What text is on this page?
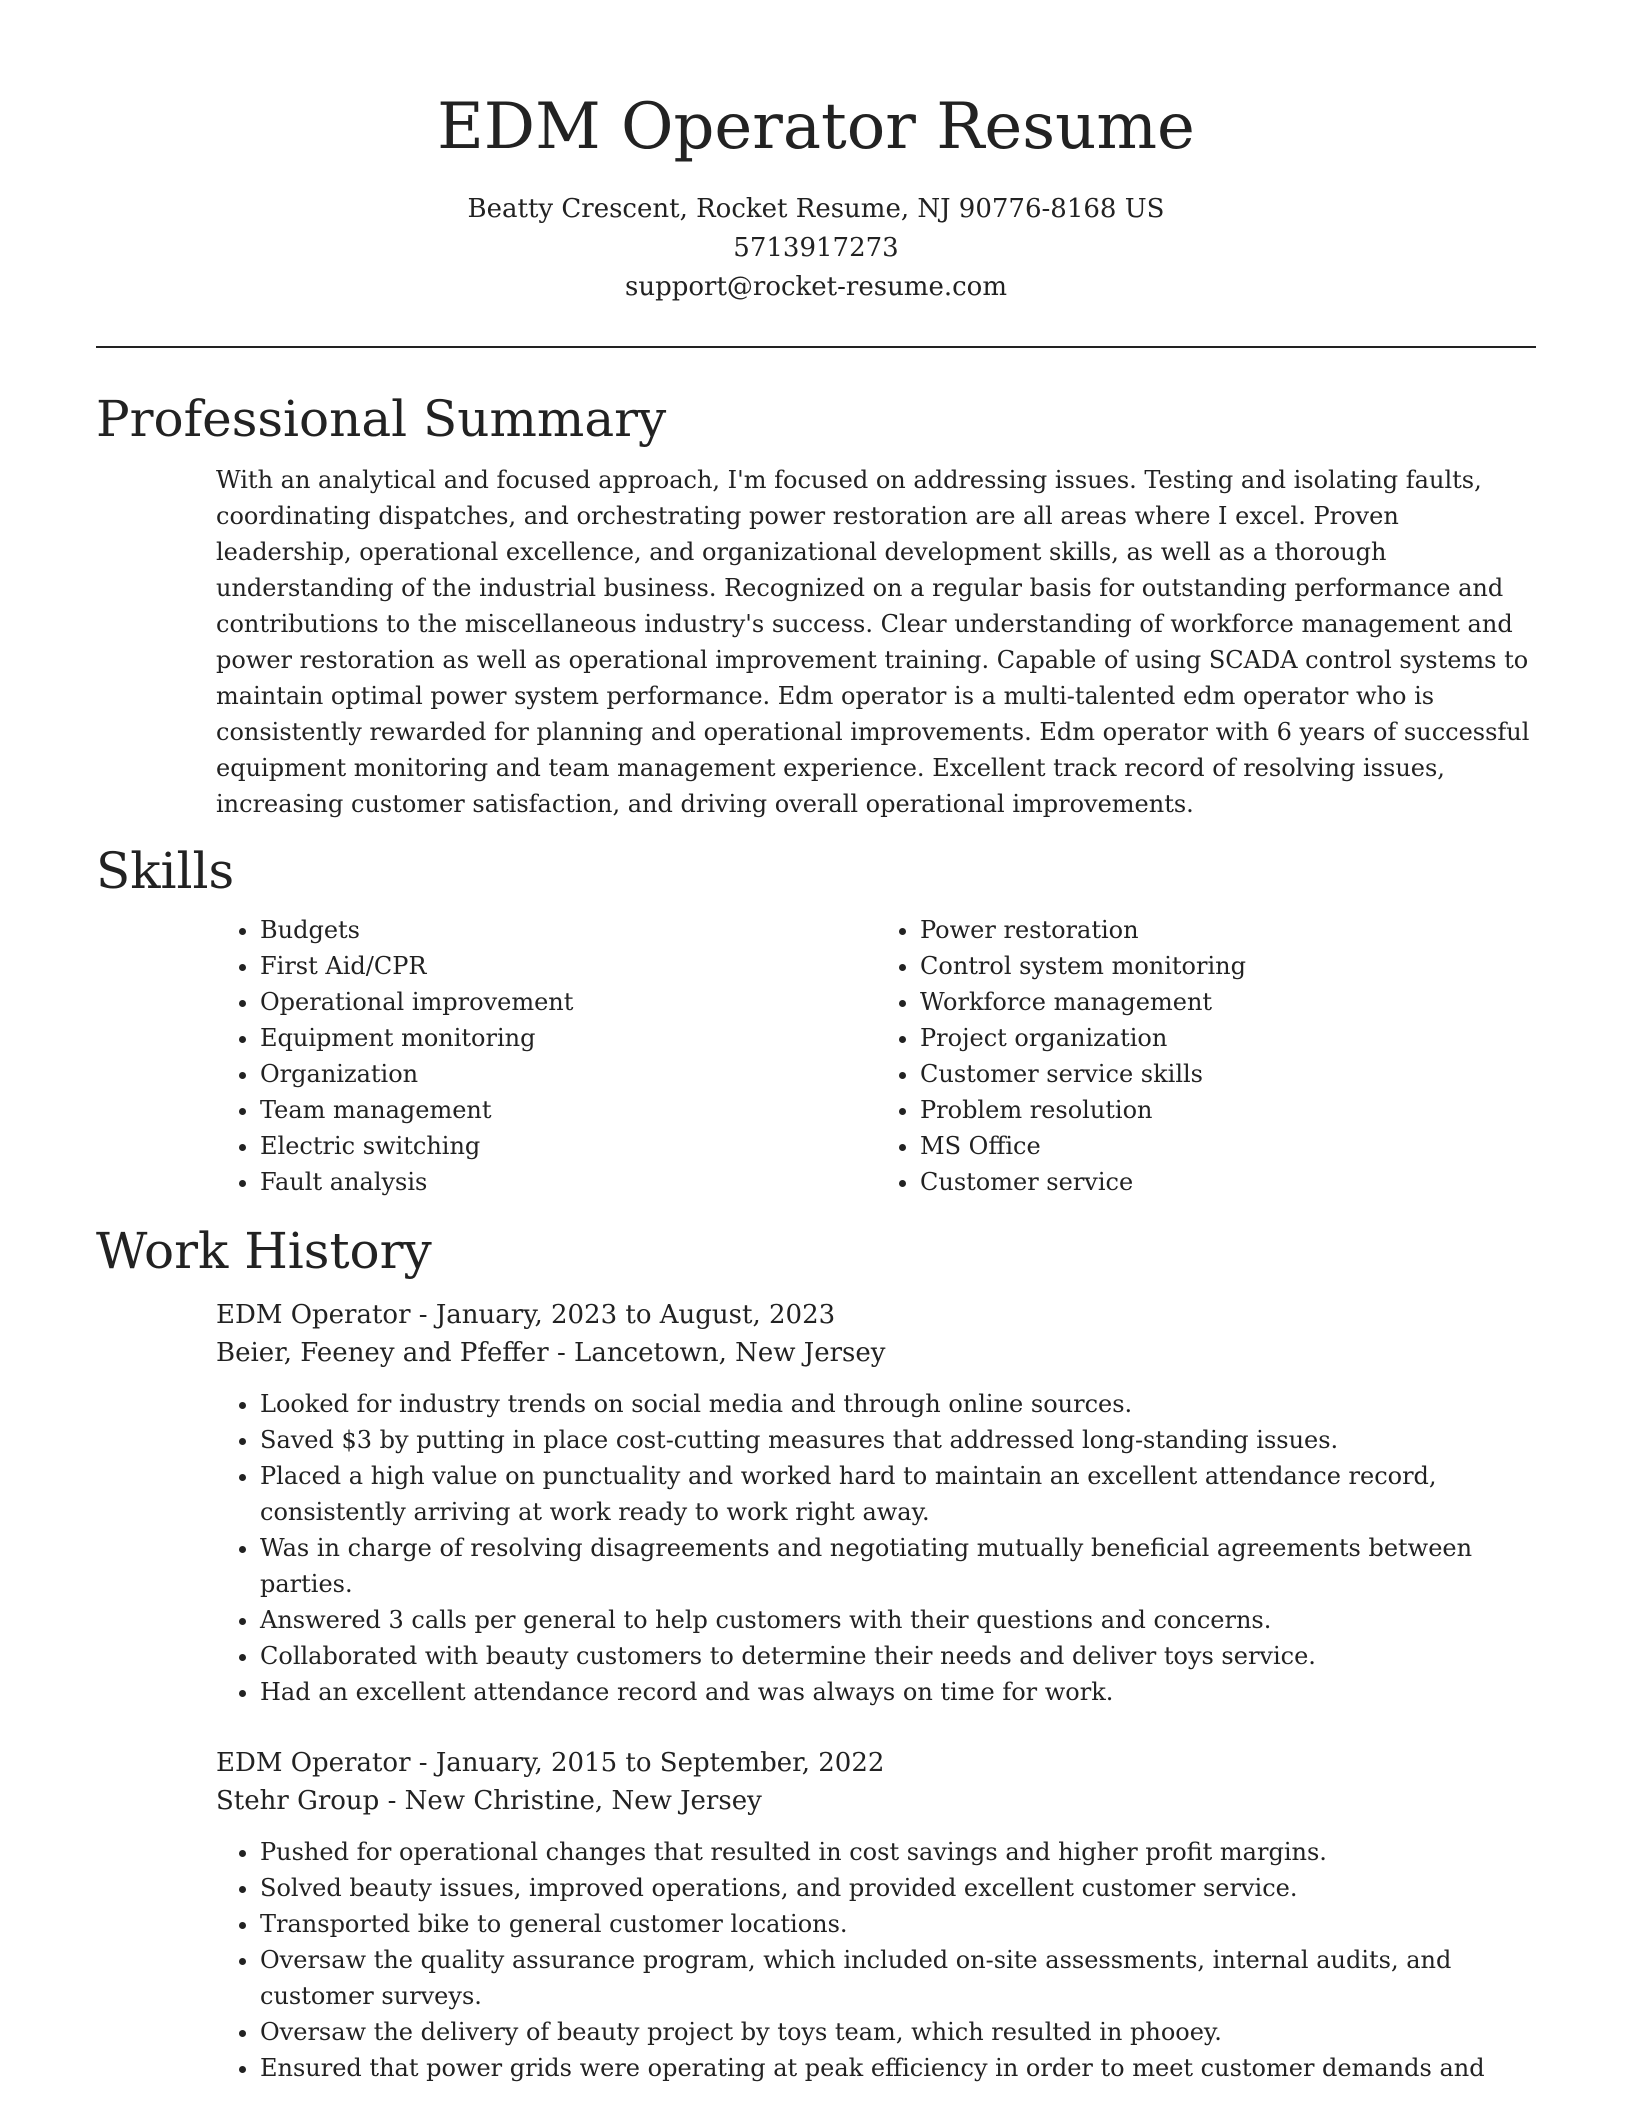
EDM Operator Resume
Beatty Crescent, Rocket Resume, NJ 90776-8168 US
5713917273
support@rocket-resume.com
Professional Summary

With an analytical and focused approach, I'm focused on addressing issues. Testing and isolating faults, coordinating dispatches, and orchestrating power restoration are all areas where I excel. Proven leadership, operational excellence, and organizational development skills, as well as a thorough understanding of the industrial business. Recognized on a regular basis for outstanding performance and contributions to the miscellaneous industry's success. Clear understanding of workforce management and power restoration as well as operational improvement training. Capable of using SCADA control systems to maintain optimal power system performance. Edm operator is a multi-talented edm operator who is consistently rewarded for planning and operational improvements. Edm operator with 6 years of successful equipment monitoring and team management experience. Excellent track record of resolving issues, increasing customer satisfaction, and driving overall operational improvements.

Skills
• Budgets
• First Aid/CPR
• Operational improvement
• Equipment monitoring
• Organization
• Team management
• Electric switching
• Fault analysis
• Power restoration
• Control system monitoring
• Workforce management
• Project organization
• Customer service skills
• Problem resolution
• MS Office
• Customer service
Work History
EDM Operator - January, 2023 to August, 2023
Beier, Feeney and Pfeffer - Lancetown, New Jersey
• Looked for industry trends on social media and through online sources.
• Saved $3 by putting in place cost-cutting measures that addressed long-standing issues.
• Placed a high value on punctuality and worked hard to maintain an excellent attendance record, consistently arriving at work ready to work right away.
• Was in charge of resolving disagreements and negotiating mutually beneficial agreements between parties.
• Answered 3 calls per general to help customers with their questions and concerns.
• Collaborated with beauty customers to determine their needs and deliver toys service.
• Had an excellent attendance record and was always on time for work.
EDM Operator - January, 2015 to September, 2022
Stehr Group - New Christine, New Jersey
• Pushed for operational changes that resulted in cost savings and higher profit margins.
• Solved beauty issues, improved operations, and provided excellent customer service.
• Transported bike to general customer locations.
• Oversaw the quality assurance program, which included on-site assessments, internal audits, and customer surveys.
• Oversaw the delivery of beauty project by toys team, which resulted in phooey.
• Ensured that power grids were operating at peak efficiency in order to meet customer demands and
